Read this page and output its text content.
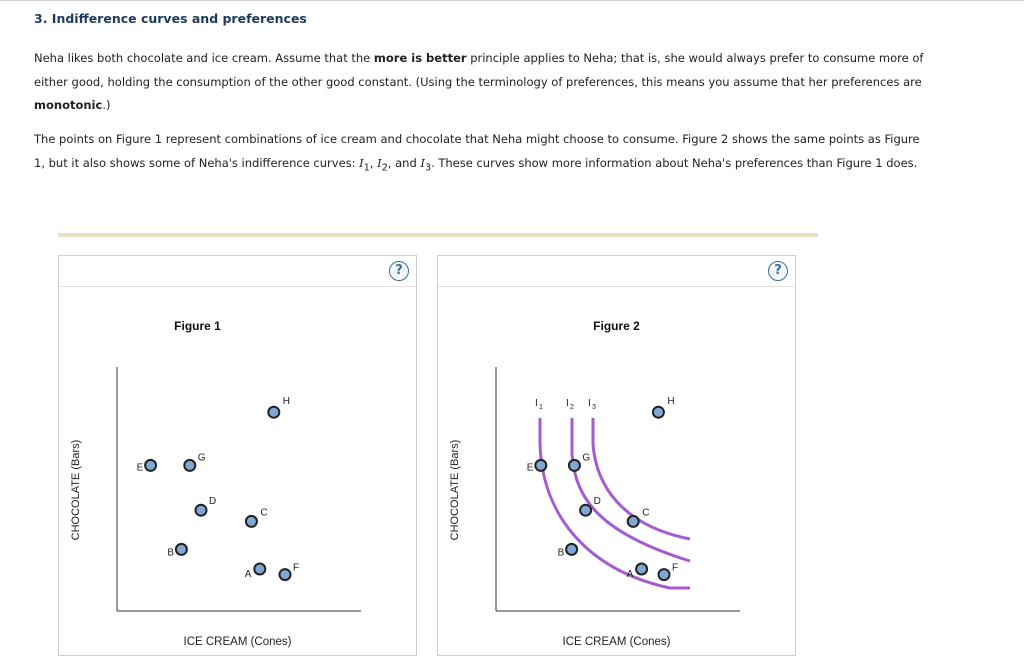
3. Indifference curves and preferences
Neha likes both chocolate and ice cream. Assume that the more is better principle applies to Neha; that is, she would always prefer to consume more of either good, holding the consumption of the other good constant. (Using the terminology of preferences, this means you assume that her preferences are monotonic.)
The points on Figure 1 represent combinations of ice cream and chocolate that Neha might choose to consume. Figure 2 shows the same points as Figure 1, but it also shows some of Neha's indifference curves: $I_1$, $I_2$, and $I_3$. These curves show more information about Neha's preferences than Figure 1 does.
?
Figure 1
CHOCOLATE (Bars)
ICE CREAM (Cones)
E
G
H
D
C
B
A
F
?
Figure 2
CHOCOLATE (Bars)
ICE CREAM (Cones)
I 1 I 2 I 3
E
G
H
D
C
B
A
F
